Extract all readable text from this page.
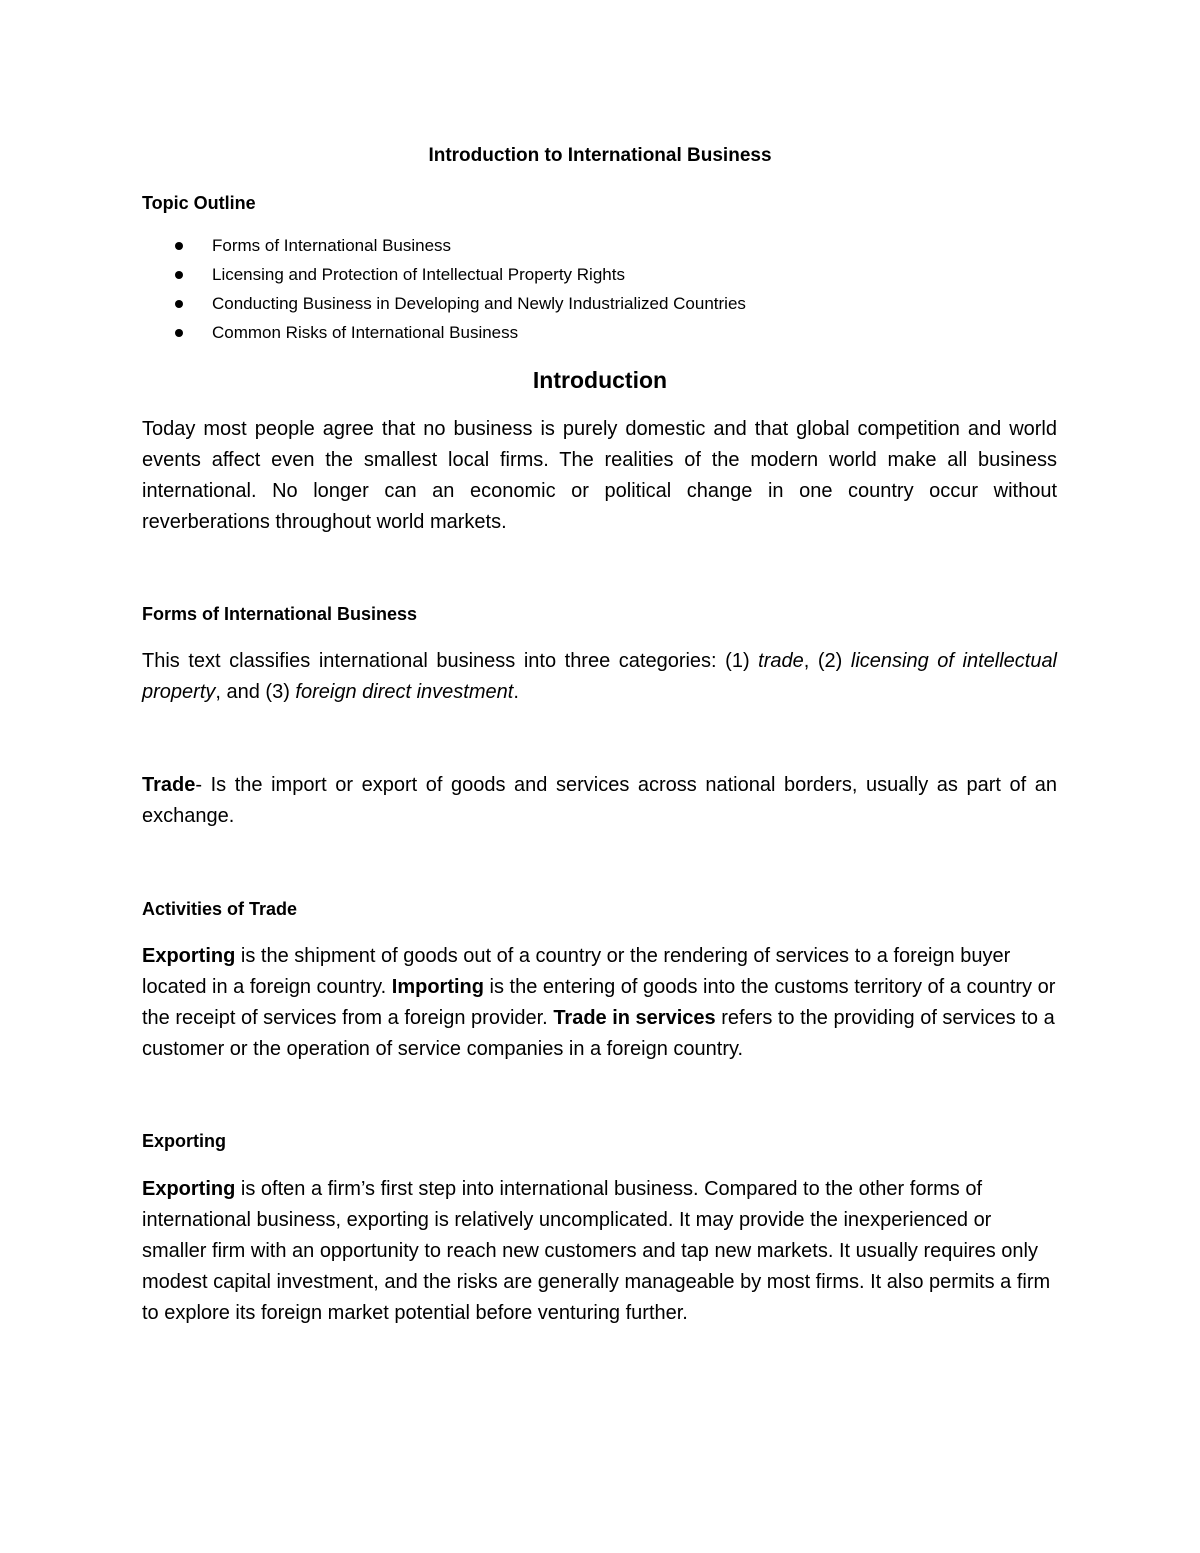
Introduction to International Business
Topic Outline
Forms of International Business
Licensing and Protection of Intellectual Property Rights
Conducting Business in Developing and Newly Industrialized Countries
Common Risks of International Business
Introduction

Today most people agree that no business is purely domestic and that global competition and world events affect even the smallest local firms. The realities of the modern world make all business international. No longer can an economic or political change in one country occur without reverberations throughout world markets.

Forms of International Business

This text classifies international business into three categories: (1) trade, (2) licensing of intellectual property, and (3) foreign direct investment.

Trade- Is the import or export of goods and services across national borders, usually as part of an exchange.

Activities of Trade

Exporting is the shipment of goods out of a country or the rendering of services to a foreign buyer located in a foreign country. Importing is the entering of goods into the customs territory of a country or the receipt of services from a foreign provider. Trade in services refers to the providing of services to a customer or the operation of service companies in a foreign country.

Exporting

Exporting is often a firm’s first step into international business. Compared to the other forms of international business, exporting is relatively uncomplicated. It may provide the inexperienced or smaller firm with an opportunity to reach new customers and tap new markets. It usually requires only modest capital investment, and the risks are generally manageable by most firms. It also permits a firm to explore its foreign market potential before venturing further.
